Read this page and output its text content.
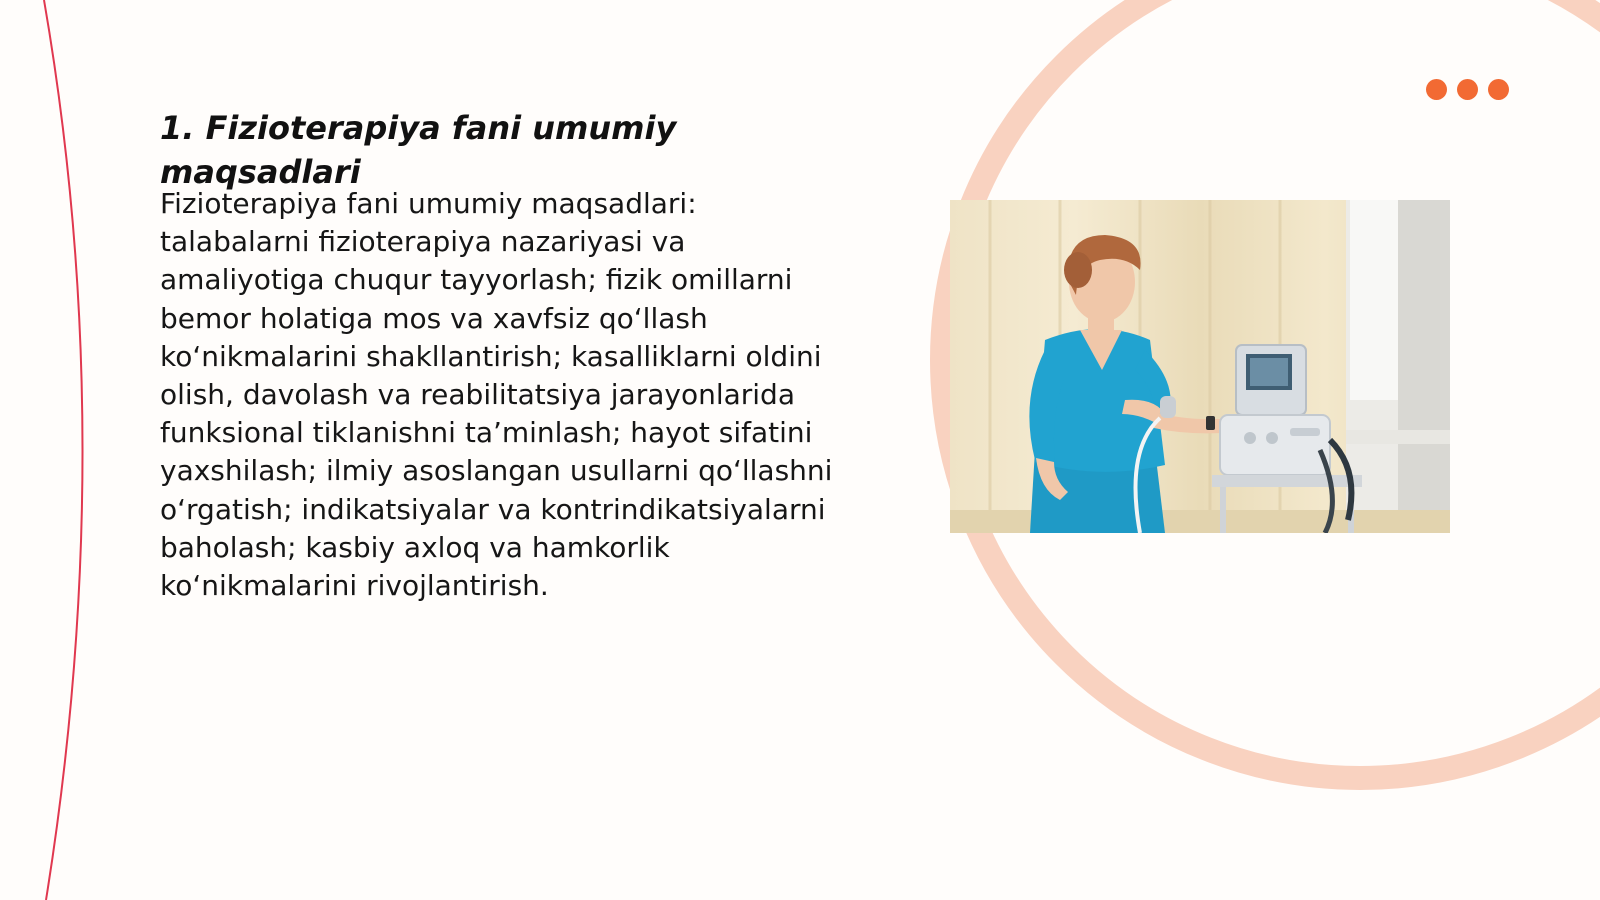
1. Fizioterapiya fani umumiy maqsadlari

Fizioterapiya fani umumiy maqsadlari: talabalarni fizioterapiya nazariyasi va amaliyotiga chuqur tayyorlash; fizik omillarni bemor holatiga mos va xavfsiz qo‘llash ko‘nikmalarini shakllantirish; kasalliklarni oldini olish, davolash va reabilitatsiya jarayonlarida funksional tiklanishni ta’minlash; hayot sifatini yaxshilash; ilmiy asoslangan usullarni qo‘llashni o‘rgatish; indikatsiyalar va kontrindikatsiyalarni baholash; kasbiy axloq va hamkorlik ko‘nikmalarini rivojlantirish.
